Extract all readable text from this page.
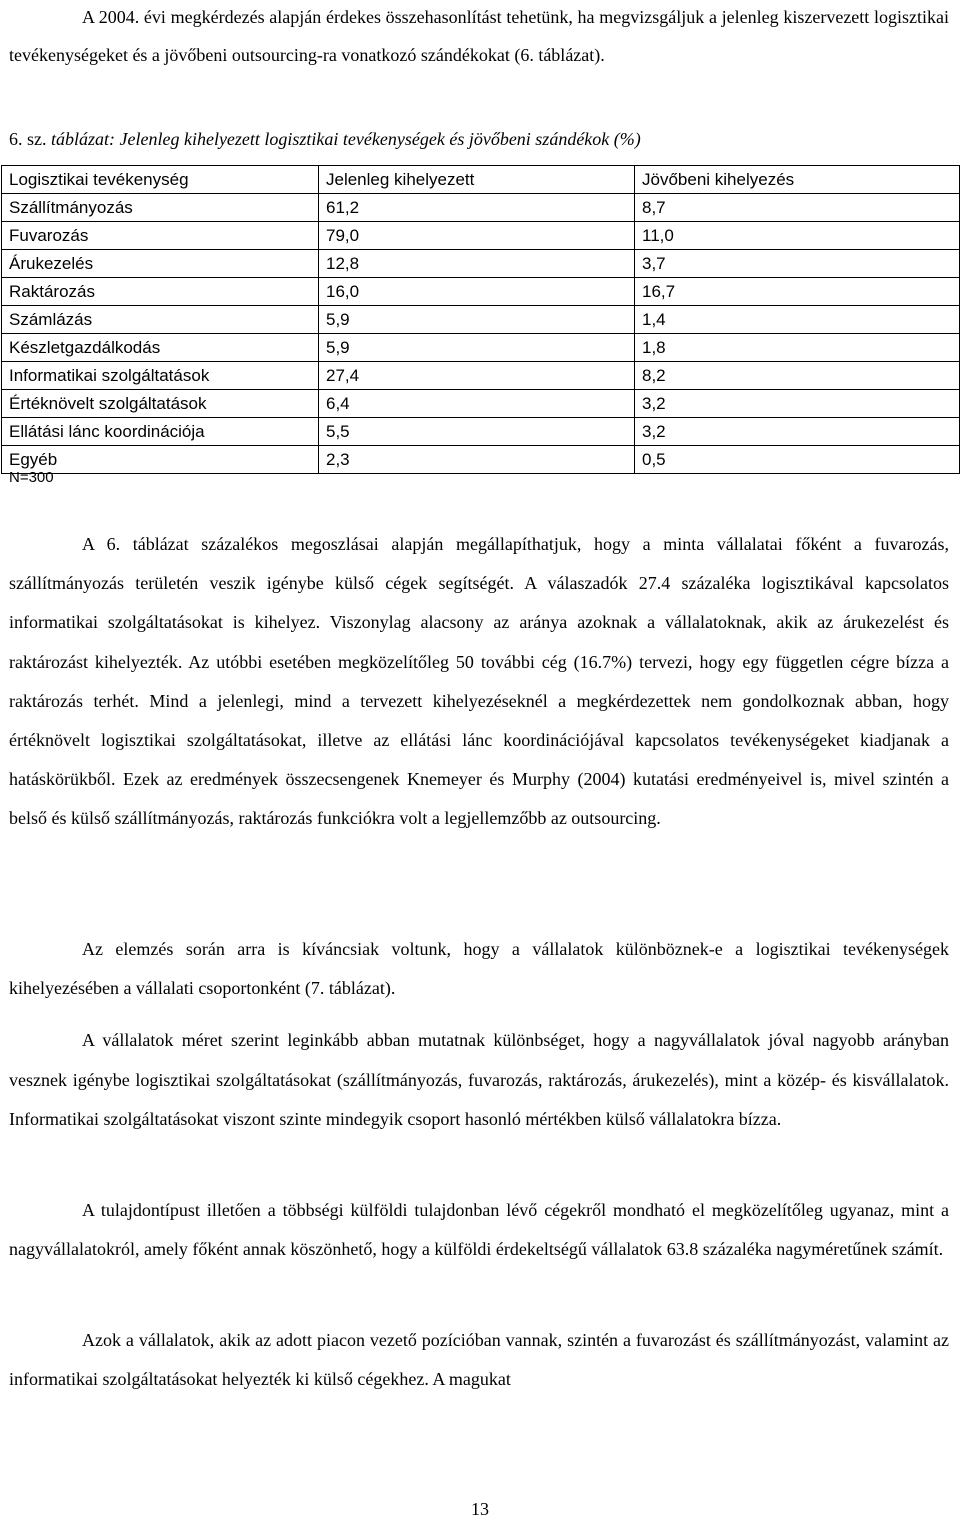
A 2004. évi megkérdezés alapján érdekes összehasonlítást tehetünk, ha megvizsgáljuk a jelenleg kiszervezett logisztikai tevékenységeket és a jövőbeni outsourcing-ra vonatkozó szándékokat (6. táblázat).

6. sz. táblázat: Jelenleg kihelyezett logisztikai tevékenységek és jövőbeni szándékok (%)
Logisztikai tevékenység	Jelenleg kihelyezett	Jövőbeni kihelyezés
Szállítmányozás	61,2	8,7
Fuvarozás	79,0	11,0
Árukezelés	12,8	3,7
Raktározás	16,0	16,7
Számlázás	5,9	1,4
Készletgazdálkodás	5,9	1,8
Informatikai szolgáltatások	27,4	8,2
Értéknövelt szolgáltatások	6,4	3,2
Ellátási lánc koordinációja	5,5	3,2
Egyéb	2,3	0,5
N=300

A 6. táblázat százalékos megoszlásai alapján megállapíthatjuk, hogy a minta vállalatai főként a fuvarozás, szállítmányozás területén veszik igénybe külső cégek segítségét. A válaszadók 27.4 százaléka logisztikával kapcsolatos informatikai szolgáltatásokat is kihelyez. Viszonylag alacsony az aránya azoknak a vállalatoknak, akik az árukezelést és raktározást kihelyezték. Az utóbbi esetében megközelítőleg 50 további cég (16.7%) tervezi, hogy egy független cégre bízza a raktározás terhét. Mind a jelenlegi, mind a tervezett kihelyezéseknél a megkérdezettek nem gondolkoznak abban, hogy értéknövelt logisztikai szolgáltatásokat, illetve az ellátási lánc koordinációjával kapcsolatos tevékenységeket kiadjanak a hatáskörükből. Ezek az eredmények összecsengenek Knemeyer és Murphy (2004) kutatási eredményeivel is, mivel szintén a belső és külső szállítmányozás, raktározás funkciókra volt a legjellemzőbb az outsourcing.

Az elemzés során arra is kíváncsiak voltunk, hogy a vállalatok különböznek-e a logisztikai tevékenységek kihelyezésében a vállalati csoportonként (7. táblázat).

A vállalatok méret szerint leginkább abban mutatnak különbséget, hogy a nagyvállalatok jóval nagyobb arányban vesznek igénybe logisztikai szolgáltatásokat (szállítmányozás, fuvarozás, raktározás, árukezelés), mint a közép- és kisvállalatok. Informatikai szolgáltatásokat viszont szinte mindegyik csoport hasonló mértékben külső vállalatokra bízza.

A tulajdontípust illetően a többségi külföldi tulajdonban lévő cégekről mondható el megközelítőleg ugyanaz, mint a nagyvállalatokról, amely főként annak köszönhető, hogy a külföldi érdekeltségű vállalatok 63.8 százaléka nagyméretűnek számít.

Azok a vállalatok, akik az adott piacon vezető pozícióban vannak, szintén a fuvarozást és szállítmányozást, valamint az informatikai szolgáltatásokat helyezték ki külső cégekhez. A magukat

13
